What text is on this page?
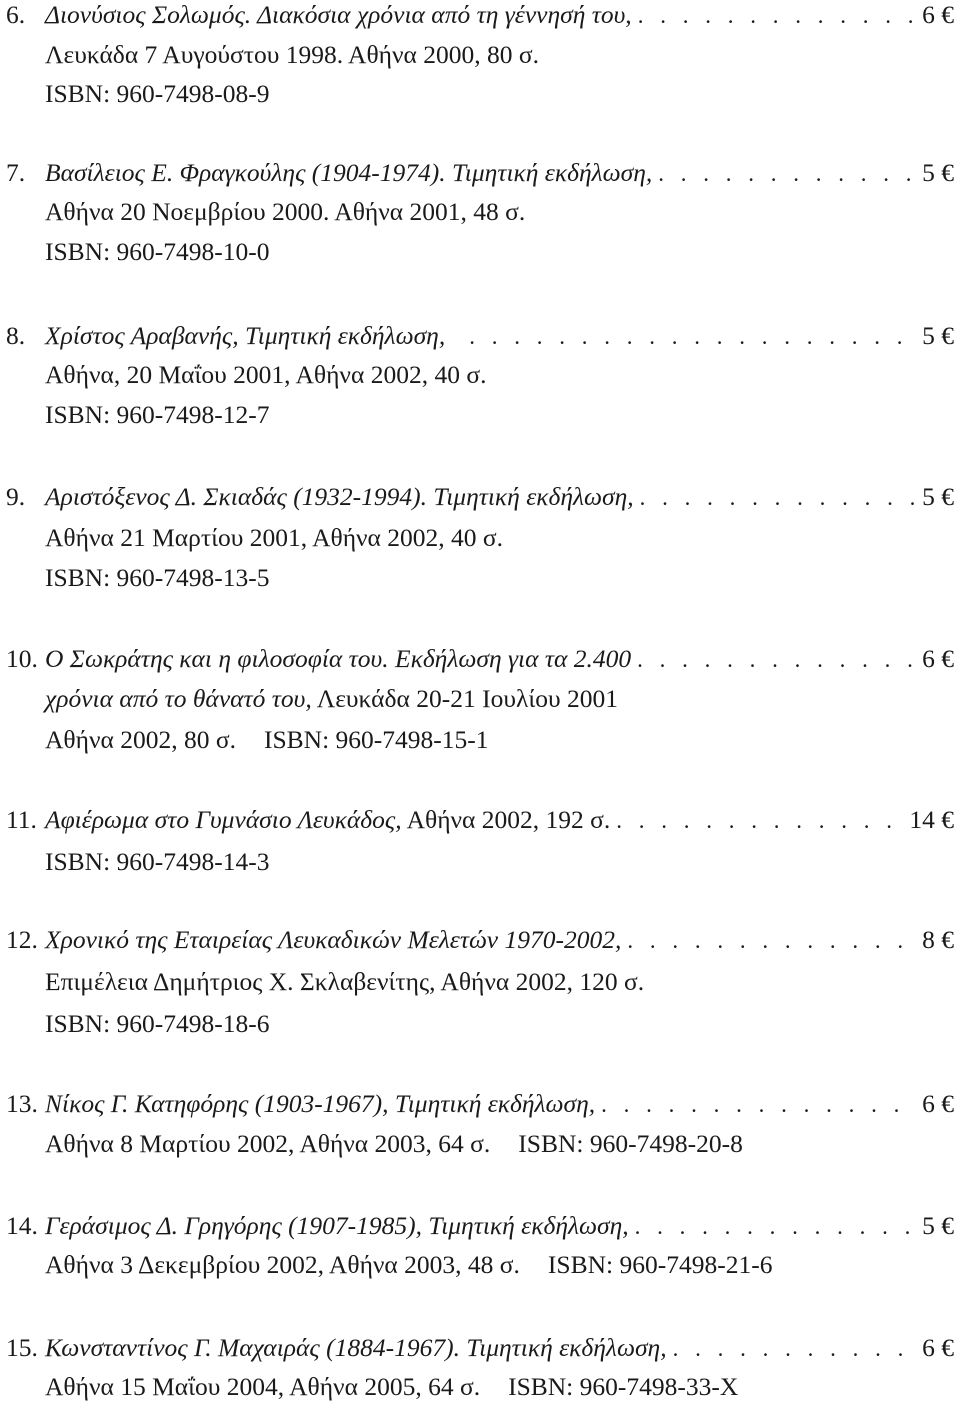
6. Διονύσιος Σολωμός. Διακόσια χρόνια από τη γέννησή του, . . .	6 €
Λευκάδα 7 Αυγούστου 1998. Αθήνα 2000, 80 σ.
ISBN: 960-7498-08-9
7. Βασίλειος Ε. Φραγκούλης (1904-1974). Τιμητική εκδήλωση, . . .	5 €
Αθήνα 20 Νοεμβρίου 2000. Αθήνα 2001, 48 σ.
ISBN: 960-7498-10-0
8. Χρίστος Αραβανής, Τιμητική εκδήλωση, . . .	5 €
Αθήνα, 20 Μαΐου 2001, Αθήνα 2002, 40 σ.
ISBN: 960-7498-12-7
9. Αριστόξενος Δ. Σκιαδάς (1932-1994). Τιμητική εκδήλωση, . . .	5 €
Αθήνα 21 Μαρτίου 2001, Αθήνα 2002, 40 σ.
ISBN: 960-7498-13-5
10. Ο Σωκράτης και η φιλοσοφία του. Εκδήλωση για τα 2.400 . . .	6 €
χρόνια από το θάνατό του, Λευκάδα 20-21 Ιουλίου 2001
Αθήνα 2002, 80 σ. ISBN: 960-7498-15-1
11. Αφιέρωμα στο Γυμνάσιο Λευκάδος, Αθήνα 2002, 192 σ. . . .	14 €
ISBN: 960-7498-14-3
12. Χρονικό της Εταιρείας Λευκαδικών Μελετών 1970-2002, . . .	8 €
Επιμέλεια Δημήτριος Χ. Σκλαβενίτης, Αθήνα 2002, 120 σ.
ISBN: 960-7498-18-6
13. Νίκος Γ. Κατηφόρης (1903-1967), Τιμητική εκδήλωση, . . .	6 €
Αθήνα 8 Μαρτίου 2002, Αθήνα 2003, 64 σ. ISBN: 960-7498-20-8
14. Γεράσιμος Δ. Γρηγόρης (1907-1985), Τιμητική εκδήλωση, . . .	5 €
Αθήνα 3 Δεκεμβρίου 2002, Αθήνα 2003, 48 σ. ISBN: 960-7498-21-6
15. Κωνσταντίνος Γ. Μαχαιράς (1884-1967). Τιμητική εκδήλωση, . . .	6 €
Αθήνα 15 Μαΐου 2004, Αθήνα 2005, 64 σ. ISBN: 960-7498-33-X
